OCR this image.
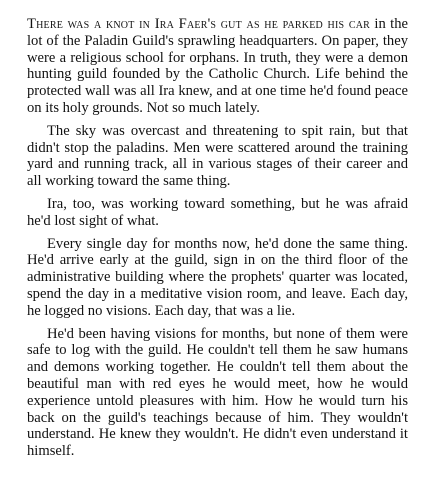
There was a knot in Ira Faer's gut as he parked his car in the lot of the Paladin Guild's sprawling headquarters. On paper, they were a religious school for orphans. In truth, they were a demon hunting guild founded by the Catholic Church. Life behind the protected wall was all Ira knew, and at one time he'd found peace on its holy grounds. Not so much lately.

The sky was overcast and threatening to spit rain, but that didn't stop the paladins. Men were scattered around the training yard and running track, all in various stages of their career and all working toward the same thing.

Ira, too, was working toward something, but he was afraid he'd lost sight of what.

Every single day for months now, he'd done the same thing. He'd arrive early at the guild, sign in on the third floor of the administrative building where the prophets' quarter was located, spend the day in a meditative vision room, and leave. Each day, he logged no visions. Each day, that was a lie.

He'd been having visions for months, but none of them were safe to log with the guild. He couldn't tell them he saw humans and demons working together. He couldn't tell them about the beautiful man with red eyes he would meet, how he would experience untold pleasures with him. How he would turn his back on the guild's teachings because of him. They wouldn't understand. He knew they wouldn't. He didn't even understand it himself.
